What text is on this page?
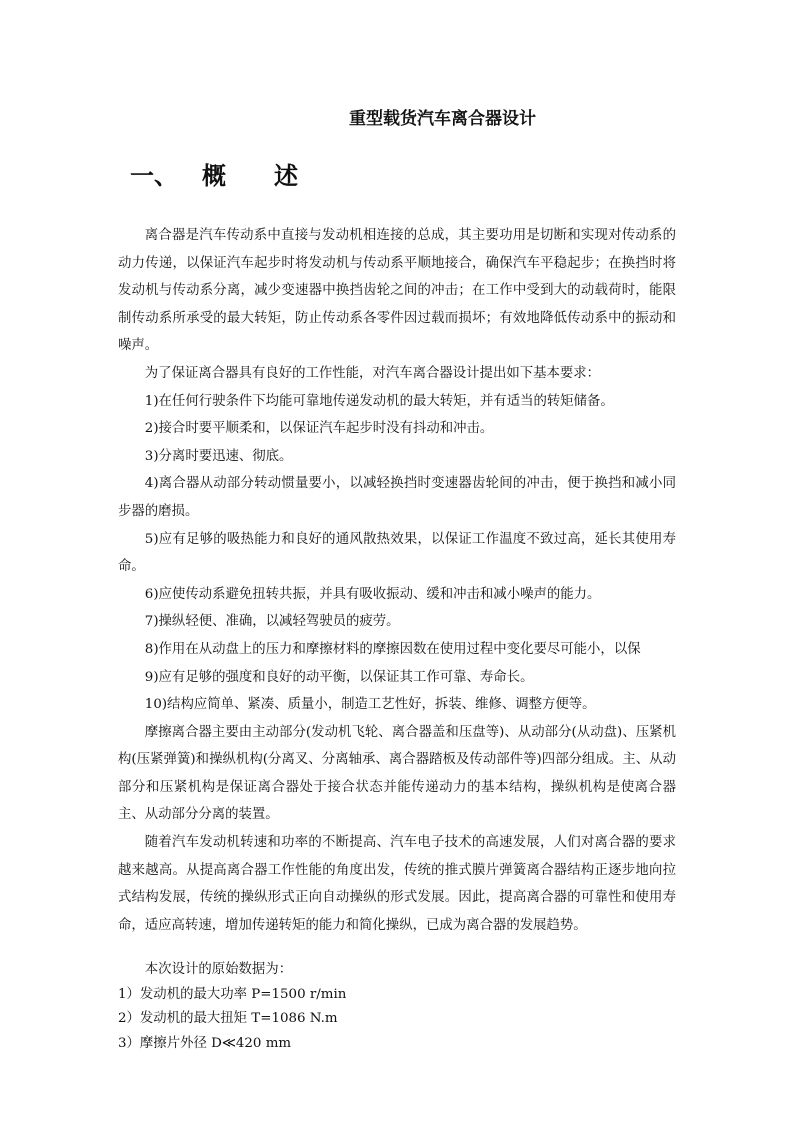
重型载货汽车离合器设计
一、 概 述

离合器是汽车传动系中直接与发动机相连接的总成，其主要功用是切断和实现对传动系的动力传递，以保证汽车起步时将发动机与传动系平顺地接合，确保汽车平稳起步；在换挡时将发动机与传动系分离，减少变速器中换挡齿轮之间的冲击；在工作中受到大的动载荷时，能限制传动系所承受的最大转矩，防止传动系各零件因过载而损坏；有效地降低传动系中的振动和噪声。

为了保证离合器具有良好的工作性能，对汽车离合器设计提出如下基本要求：

1)在任何行驶条件下均能可靠地传递发动机的最大转矩，并有适当的转矩储备。

2)接合时要平顺柔和，以保证汽车起步时没有抖动和冲击。

3)分离时要迅速、彻底。

4)离合器从动部分转动惯量要小，以减轻换挡时变速器齿轮间的冲击，便于换挡和减小同步器的磨损。

5)应有足够的吸热能力和良好的通风散热效果，以保证工作温度不致过高，延长其使用寿命。

6)应使传动系避免扭转共振，并具有吸收振动、缓和冲击和减小噪声的能力。

7)操纵轻便、准确，以减轻驾驶员的疲劳。

8)作用在从动盘上的压力和摩擦材料的摩擦因数在使用过程中变化要尽可能小，以保

9)应有足够的强度和良好的动平衡，以保证其工作可靠、寿命长。

10)结构应简单、紧凑、质量小，制造工艺性好，拆装、维修、调整方便等。

摩擦离合器主要由主动部分(发动机飞轮、离合器盖和压盘等)、从动部分(从动盘)、压紧机构(压紧弹簧)和操纵机构(分离叉、分离轴承、离合器踏板及传动部件等)四部分组成。主、从动部分和压紧机构是保证离合器处于接合状态并能传递动力的基本结构，操纵机构是使离合器主、从动部分分离的装置。

随着汽车发动机转速和功率的不断提高、汽车电子技术的高速发展，人们对离合器的要求越来越高。从提高离合器工作性能的角度出发，传统的推式膜片弹簧离合器结构正逐步地向拉式结构发展，传统的操纵形式正向自动操纵的形式发展。因此，提高离合器的可靠性和使用寿命，适应高转速，增加传递转矩的能力和简化操纵，已成为离合器的发展趋势。

本次设计的原始数据为：

1）发动机的最大功率 P=1500 r/min

2）发动机的最大扭矩 T=1086 N.m

3）摩擦片外径 D≪420 mm
